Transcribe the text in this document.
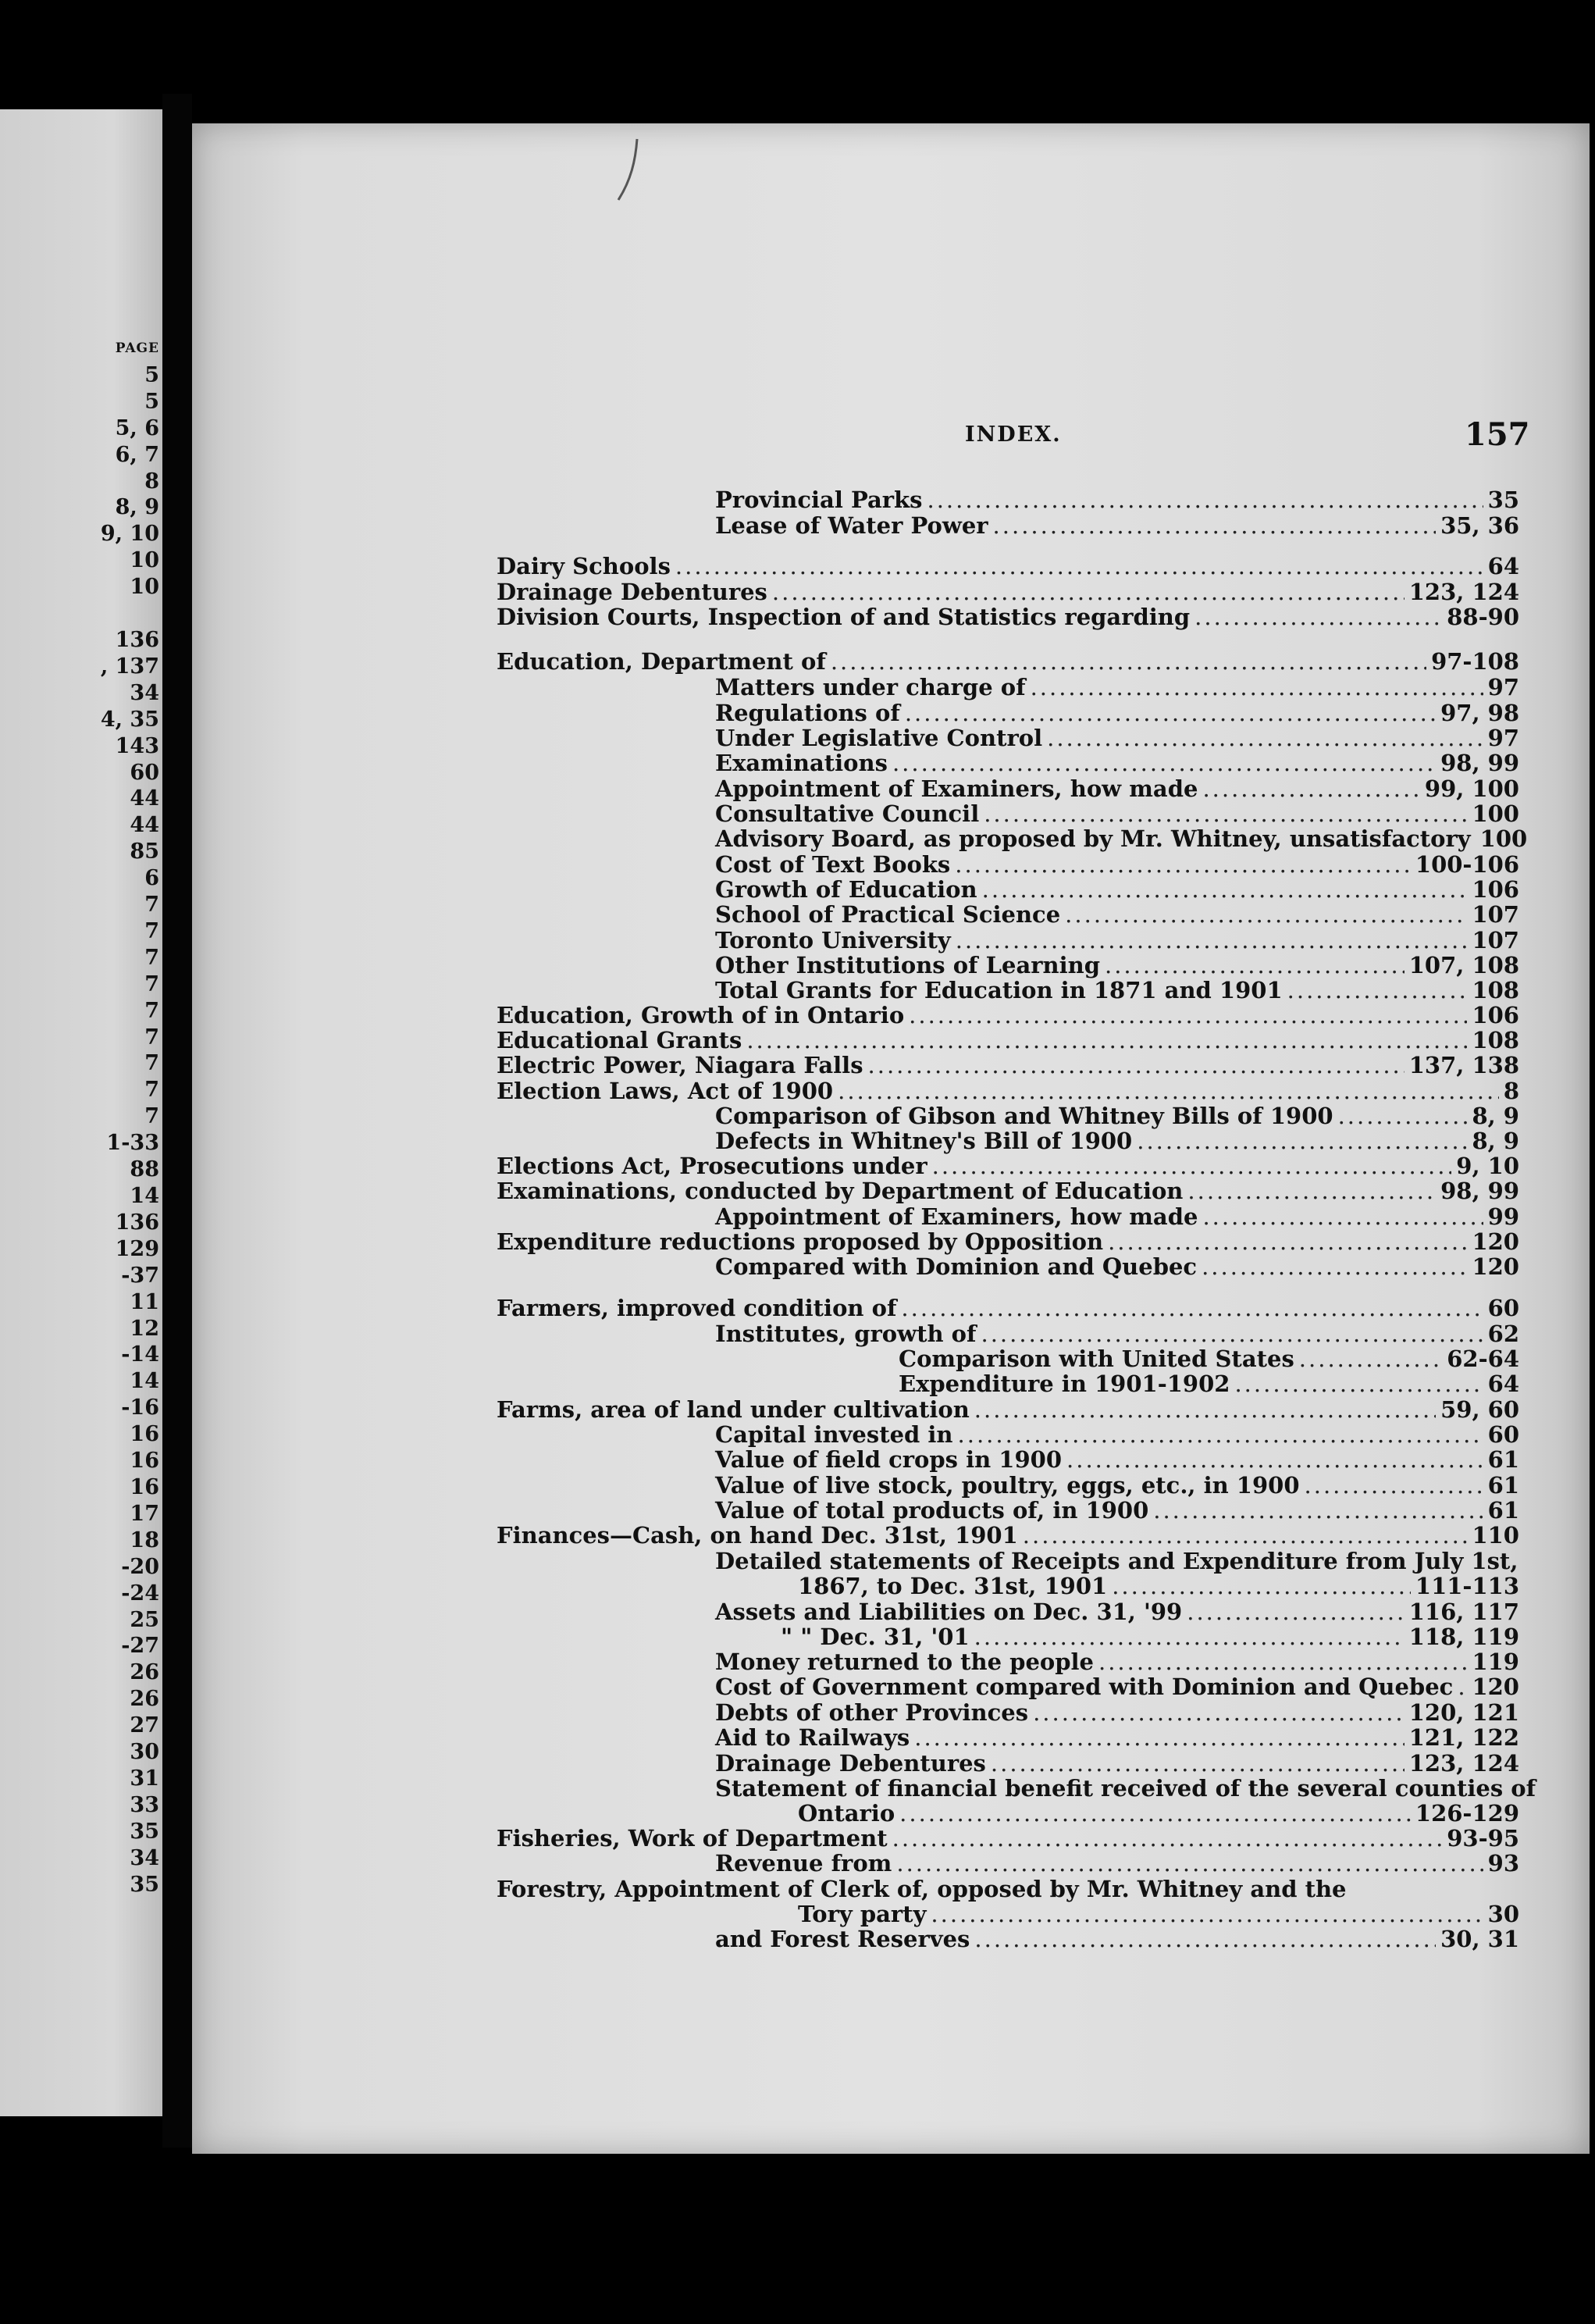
PAGE
5
5
5, 6
6, 7
8
8, 9
9, 10
10
10

136
, 137
34
4, 35
143
60
44
44
85
6
7
7
7
7
7
7
7
7
7
1-33
88
14
136
129
-37
11
12
-14
14
-16
16
16
16
17
18
-20
-24
25
-27
26
26
27
30
31
33
35
34
35
INDEX.	157
Provincial Parks .....	35
Lease of Water Power .....	35, 36
Dairy Schools .....	64
Drainage Debentures .....	123, 124
Division Courts, Inspection of and Statistics regarding .....	88-90
Education, Department of .....	97-108
Matters under charge of .....	97
Regulations of .....	97, 98
Under Legislative Control .....	97
Examinations .....	98, 99
Appointment of Examiners, how made .....	99, 100
Consultative Council .....	100
Advisory Board, as proposed by Mr. Whitney, unsatisfactory 100
Cost of Text Books .....	100-106
Growth of Education .....	106
School of Practical Science .....	107
Toronto University .....	107
Other Institutions of Learning .....	107, 108
Total Grants for Education in 1871 and 1901 .....	108
Education, Growth of in Ontario .....	106
Educational Grants .....	108
Electric Power, Niagara Falls .....	137, 138
Election Laws, Act of 1900 .....	8
Comparison of Gibson and Whitney Bills of 1900 .....	8, 9
Defects in Whitney's Bill of 1900 .....	8, 9
Elections Act, Prosecutions under .....	9, 10
Examinations, conducted by Department of Education .....	98, 99
Appointment of Examiners, how made .....	99
Expenditure reductions proposed by Opposition .....	120
Compared with Dominion and Quebec .....	120
Farmers, improved condition of .....	60
Institutes, growth of .....	62
Comparison with United States .....	62-64
Expenditure in 1901-1902 .....	64
Farms, area of land under cultivation .....	59, 60
Capital invested in .....	60
Value of field crops in 1900 .....	61
Value of live stock, poultry, eggs, etc., in 1900 .....	61
Value of total products of, in 1900 .....	61
Finances—Cash, on hand Dec. 31st, 1901 .....	110
Detailed statements of Receipts and Expenditure from July 1st,
1867, to Dec. 31st, 1901 .....	111-113
Assets and Liabilities on Dec. 31, '99 .....	116, 117
" " Dec. 31, '01 .....	118, 119
Money returned to the people .....	119
Cost of Government compared with Dominion and Quebec ..... 120
Debts of other Provinces .....	120, 121
Aid to Railways .....	121, 122
Drainage Debentures .....	123, 124
Statement of financial benefit received of the several counties of
Ontario .....	126-129
Fisheries, Work of Department .....	93-95
Revenue from .....	93
Forestry, Appointment of Clerk of, opposed by Mr. Whitney and the
Tory party .....	30
and Forest Reserves .....	30, 31
